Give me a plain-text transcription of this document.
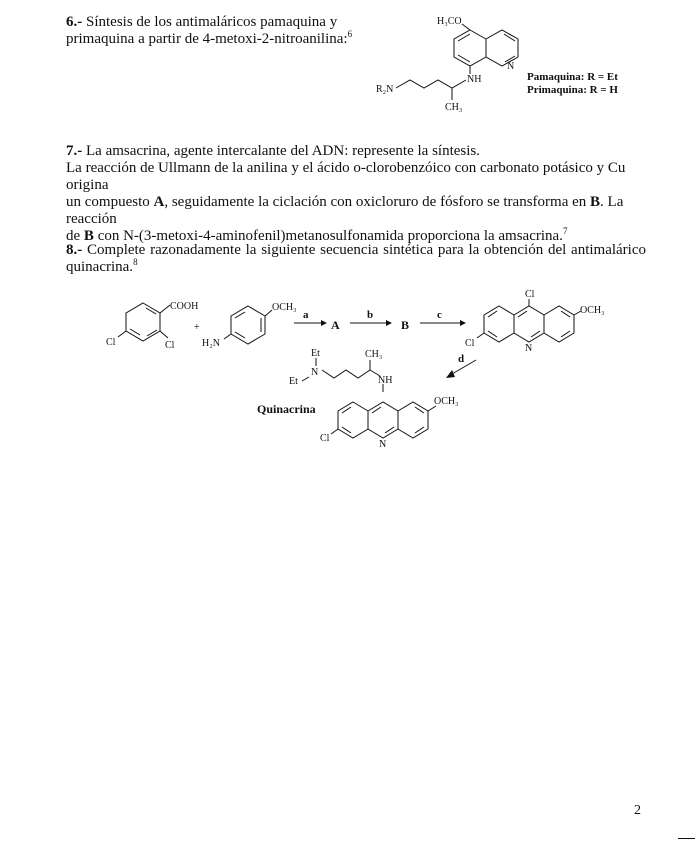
6.- Síntesis de los antimaláricos pamaquina y
primaquina a partir de 4-metoxi-2-nitroanilina:$^6$
7.- La amsacrina, agente intercalante del ADN: represente la síntesis.
La reacción de Ullmann de la anilina y el ácido o-clorobenzóico con carbonato potásico y Cu origina
un compuesto A, seguidamente la ciclación con oxicloruro de fósforo se transforma en B. La reacción
de B con N-(3-metoxi-4-aminofenil)metanosulfonamida proporciona la amsacrina.$^7$
8.- Complete razonadamente la siguiente secuencia sintética para la obtención del antimalárico
quinacrina.$^8$
H₃CO
N
NH
R₂N
CH₃
Pamaquina: R = Et
Primaquina: R = H
COOH
Cl
Cl
+
OCH₃
H₂N
a
A
b
B
c
Cl
OCH₃
Cl	N
d
Et
N
Et
CH₃
NH
Quinacrina
OCH₃
Cl
N
2
